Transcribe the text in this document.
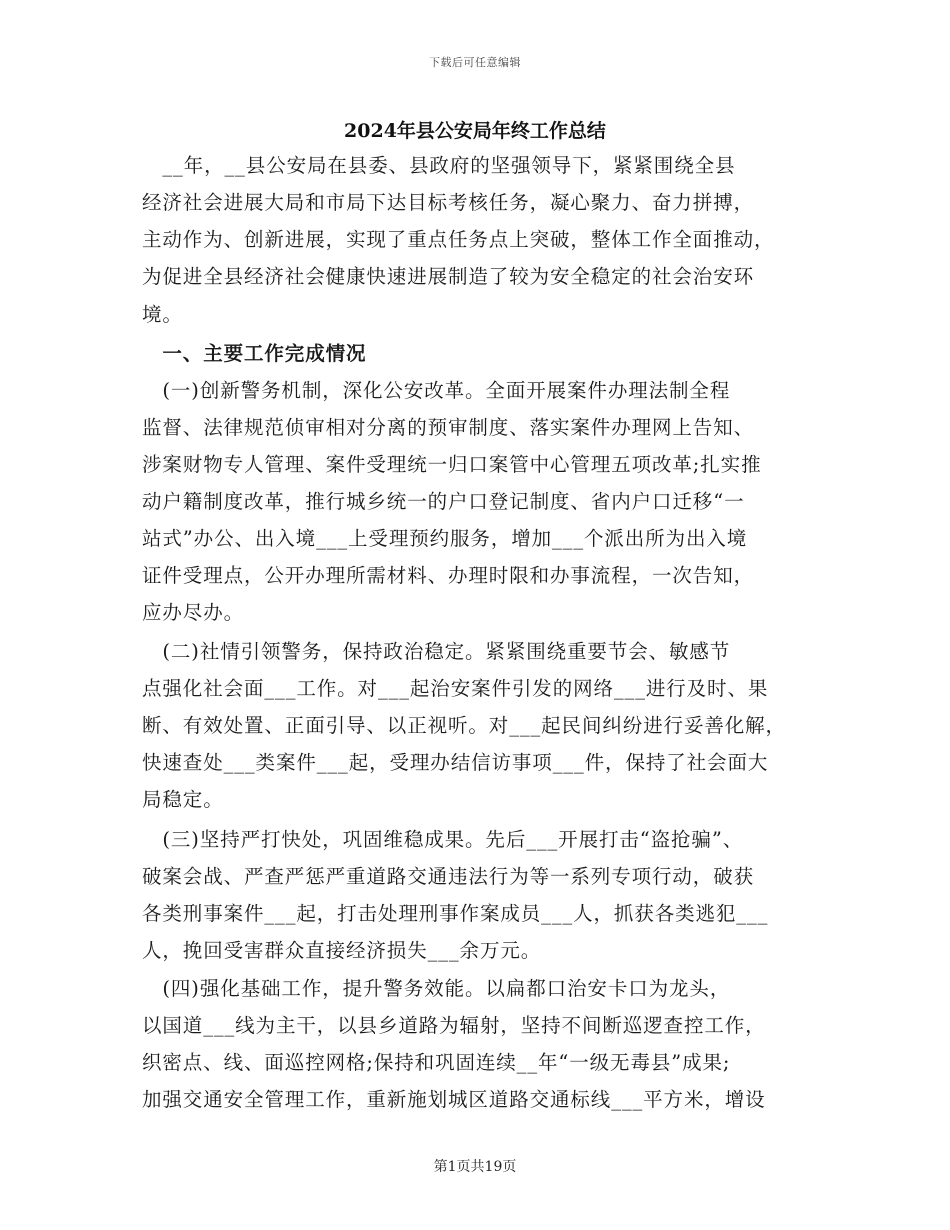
下载后可任意编辑
2024年县公安局年终工作总结
　__年，__县公安局在县委、县政府的坚强领导下，紧紧围绕全县
经济社会进展大局和市局下达目标考核任务，凝心聚力、奋力拼搏，
主动作为、创新进展，实现了重点任务点上突破，整体工作全面推动，
为促进全县经济社会健康快速进展制造了较为安全稳定的社会治安环
境。
　一、主要工作完成情况
　(一)创新警务机制，深化公安改革。全面开展案件办理法制全程
监督、法律规范侦审相对分离的预审制度、落实案件办理网上告知、
涉案财物专人管理、案件受理统一归口案管中心管理五项改革;扎实推
动户籍制度改革，推行城乡统一的户口登记制度、省内户口迁移“一
站式”办公、出入境___上受理预约服务，增加___个派出所为出入境
证件受理点，公开办理所需材料、办理时限和办事流程，一次告知，
应办尽办。
　(二)社情引领警务，保持政治稳定。紧紧围绕重要节会、敏感节
点强化社会面___工作。对___起治安案件引发的网络___进行及时、果
断、有效处置、正面引导、以正视听。对___起民间纠纷进行妥善化解，
快速查处___类案件___起，受理办结信访事项___件，保持了社会面大
局稳定。
　(三)坚持严打快处，巩固维稳成果。先后___开展打击“盗抢骗”、
破案会战、严查严惩严重道路交通违法行为等一系列专项行动，破获
各类刑事案件___起，打击处理刑事作案成员___人，抓获各类逃犯___
人，挽回受害群众直接经济损失___余万元。
　(四)强化基础工作，提升警务效能。以扁都口治安卡口为龙头，
以国道___线为主干，以县乡道路为辐射，坚持不间断巡逻查控工作，
织密点、线、面巡控网格;保持和巩固连续__年“一级无毒县”成果;
加强交通安全管理工作，重新施划城区道路交通标线___平方米，增设
第1页共19页
